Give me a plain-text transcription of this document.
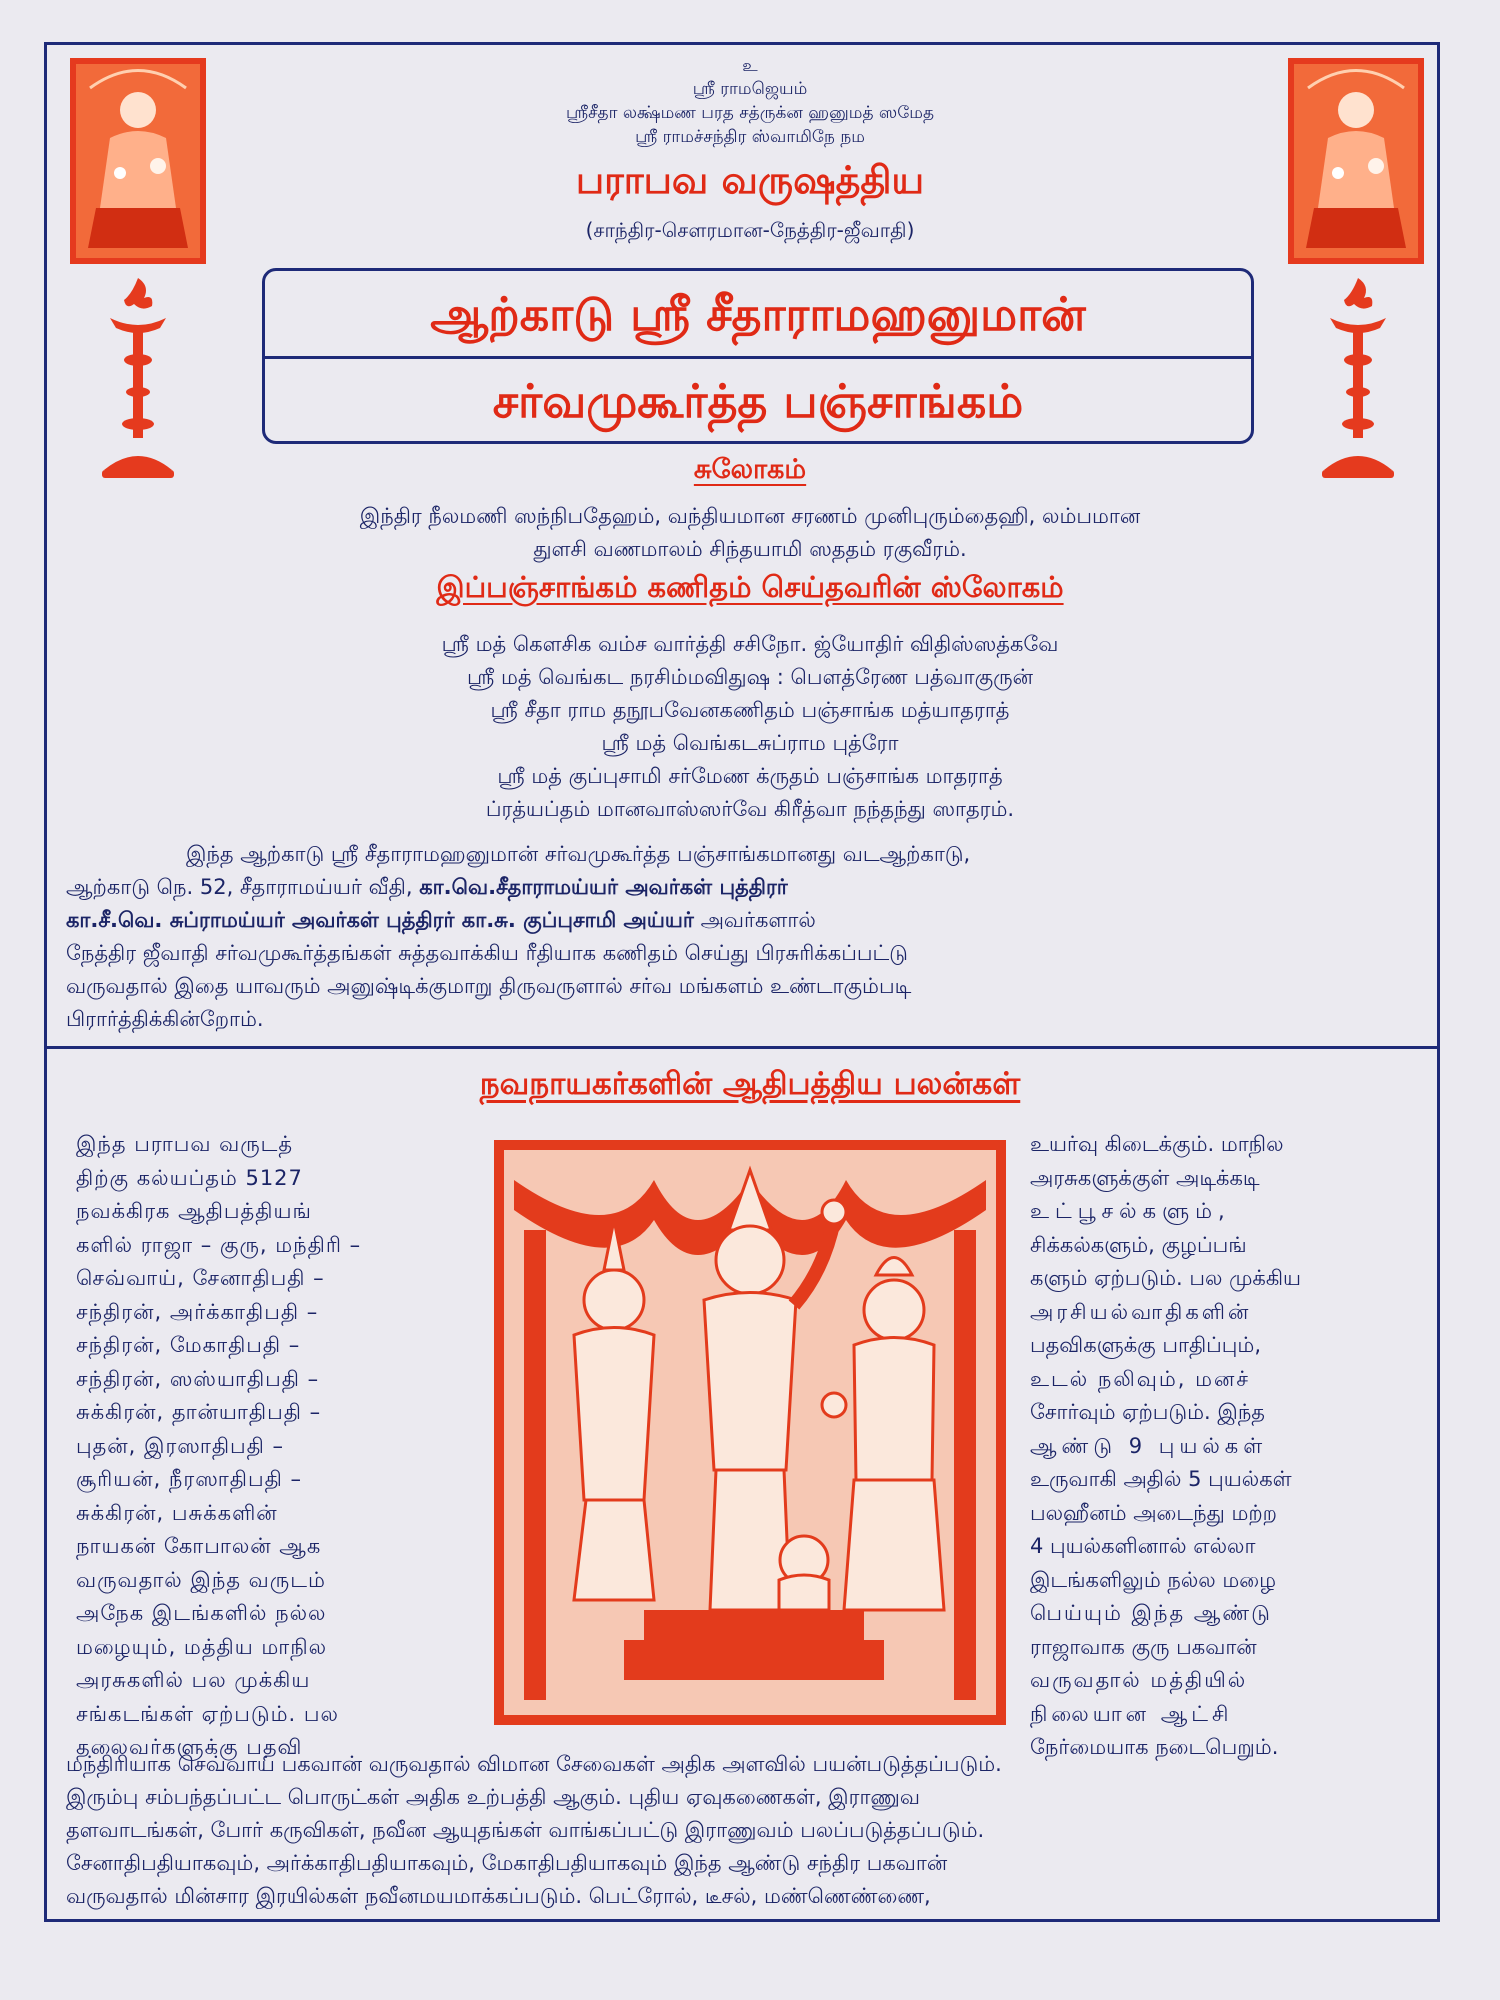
உ
ஸ்ரீ ராமஜெயம்
ஸ்ரீசீதா லக்ஷ்மண பரத சத்ருக்ன ஹனுமத் ஸமேத
ஸ்ரீ ராமச்சந்திர ஸ்வாமிநே நம
பராபவ வருஷத்திய
(சாந்திர-சௌரமான-நேத்திர-ஜீவாதி)
ஆற்காடு ஸ்ரீ சீதாராமஹனுமான்
சர்வமுகூர்த்த பஞ்சாங்கம்
சுலோகம்
இந்திர நீலமணி ஸந்நிபதேஹம், வந்தியமான சரணம் முனிபுரும்தைஹி, லம்பமான
துளசி வணமாலம் சிந்தயாமி ஸததம் ரகுவீரம்.
இப்பஞ்சாங்கம் கணிதம் செய்தவரின் ஸ்லோகம்
ஸ்ரீ மத் கௌசிக வம்ச வார்த்தி சசிநோ. ஜ்யோதிர் விதிஸ்ஸத்கவே
ஸ்ரீ மத் வெங்கட நரசிம்மவிதுஷ : பௌத்ரேண பத்வாகுருன்
ஸ்ரீ சீதா ராம தநூபவேனகணிதம் பஞ்சாங்க மத்யாதராத்
ஸ்ரீ மத் வெங்கடசுப்ராம புத்ரோ
ஸ்ரீ மத் குப்புசாமி சர்மேண க்ருதம் பஞ்சாங்க மாதராத்
ப்ரத்யப்தம் மானவாஸ்ஸர்வே கிரீத்வா நந்தந்து ஸாதரம்.
இந்த ஆற்காடு ஸ்ரீ சீதாராமஹனுமான் சர்வமுகூர்த்த பஞ்சாங்கமானது வடஆற்காடு,
ஆற்காடு நெ. 52, சீதாராமய்யர் வீதி, கா.வெ.சீதாராமய்யர் அவர்கள் புத்திரர்
கா.சீ.வெ. சுப்ராமய்யர் அவர்கள் புத்திரர் கா.சு. குப்புசாமி அய்யர் அவர்களால்
நேத்திர ஜீவாதி சர்வமுகூர்த்தங்கள் சுத்தவாக்கிய ரீதியாக கணிதம் செய்து பிரசுரிக்கப்பட்டு
வருவதால் இதை யாவரும் அனுஷ்டிக்குமாறு திருவருளால் சர்வ மங்களம் உண்டாகும்படி
பிரார்த்திக்கின்றோம்.
நவநாயகர்களின் ஆதிபத்திய பலன்கள்
இந்த பராபவ வருடத்
திற்கு கல்யப்தம் 5127
நவக்கிரக ஆதிபத்தியங்
களில் ராஜா – குரு, மந்திரி –
செவ்வாய், சேனாதிபதி –
சந்திரன், அர்க்காதிபதி –
சந்திரன், மேகாதிபதி –
சந்திரன், ஸஸ்யாதிபதி –
சுக்கிரன், தான்யாதிபதி –
புதன், இரஸாதிபதி –
சூரியன், நீரஸாதிபதி –
சுக்கிரன், பசுக்களின்
நாயகன் கோபாலன் ஆக
வருவதால் இந்த வருடம்
அநேக இடங்களில் நல்ல
மழையும், மத்திய மாநில
அரசுகளில் பல முக்கிய
சங்கடங்கள் ஏற்படும். பல
தலைவர்களுக்கு பதவி
உயர்வு கிடைக்கும். மாநில
அரசுகளுக்குள் அடிக்கடி
உட்பூசல்களும்,
சிக்கல்களும், குழப்பங்
களும் ஏற்படும். பல முக்கிய
அரசியல்வாதிகளின்
பதவிகளுக்கு பாதிப்பும்,
உடல் நலிவும், மனச்
சோர்வும் ஏற்படும். இந்த
ஆண்டு 9 புயல்கள்
உருவாகி அதில் 5 புயல்கள்
பலஹீனம் அடைந்து மற்ற
4 புயல்களினால் எல்லா
இடங்களிலும் நல்ல மழை
பெய்யும் இந்த ஆண்டு
ராஜாவாக குரு பகவான்
வருவதால் மத்தியில்
நிலையான ஆட்சி
நேர்மையாக நடைபெறும்.
மந்திரியாக செவ்வாய் பகவான் வருவதால் விமான சேவைகள் அதிக அளவில் பயன்படுத்தப்படும்.
இரும்பு சம்பந்தப்பட்ட பொருட்கள் அதிக உற்பத்தி ஆகும். புதிய ஏவுகணைகள், இராணுவ
தளவாடங்கள், போர் கருவிகள், நவீன ஆயுதங்கள் வாங்கப்பட்டு இராணுவம் பலப்படுத்தப்படும்.
சேனாதிபதியாகவும், அர்க்காதிபதியாகவும், மேகாதிபதியாகவும் இந்த ஆண்டு சந்திர பகவான்
வருவதால் மின்சார இரயில்கள் நவீனமயமாக்கப்படும். பெட்ரோல், டீசல், மண்ணெண்ணை,
